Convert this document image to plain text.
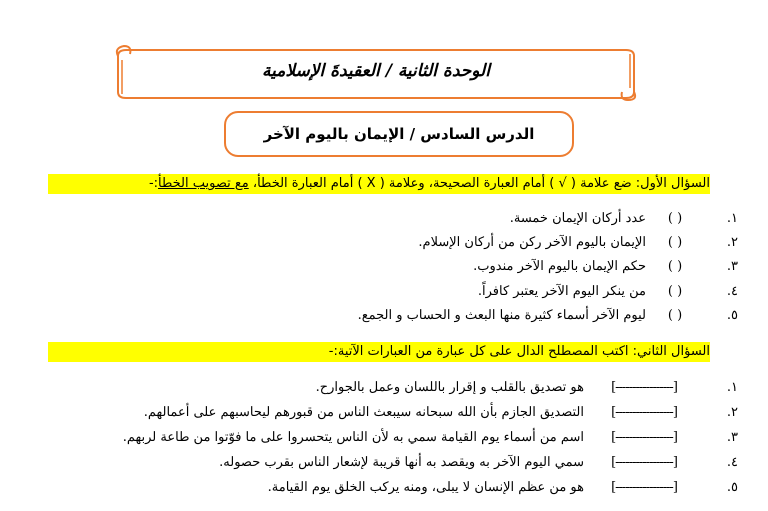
الوحدة الثانية / العقيدةَ الإسلامية
الدرس السادس / الإيمان باليوم الآخر
السؤال الأول: ضع علامة ( √ ) أمام العبارة الصحيحة، وعلامة ( X ) أمام العبارة الخطأ، مع تصويب الخطأ:-
١.( )عدد أركان الإيمان خمسة.
٢.( )الإيمان باليوم الآخر ركن من أركان الإسلام.
٣.( )حكم الإيمان باليوم الآخر مندوب.
٤.( )من ينكر اليوم الآخر يعتبر كافراً.
٥.( )ليوم الآخر أسماء كثيرة منها البعث و الحساب و الجمع.
السؤال الثاني: اكتب المصطلح الدال على كل عبارة من العبارات الآتية:-
١.[-----------------]هو تصديق بالقلب و إقرار باللسان وعمل بالجوارح.
٢.[-----------------]التصديق الجازم بأن الله سبحانه سيبعث الناس من قبورهم ليحاسبهم على أعمالهم.
٣.[-----------------]اسم من أسماء يوم القيامة سمي به لأن الناس يتحسروا على ما فوّتوا من طاعة لربهم.
٤.[-----------------]سمي اليوم الآخر به ويقصد به أنها قريبة لإشعار الناس بقرب حصوله.
٥.[-----------------]هو من عظم الإنسان لا يبلى، ومنه يركب الخلق يوم القيامة.
